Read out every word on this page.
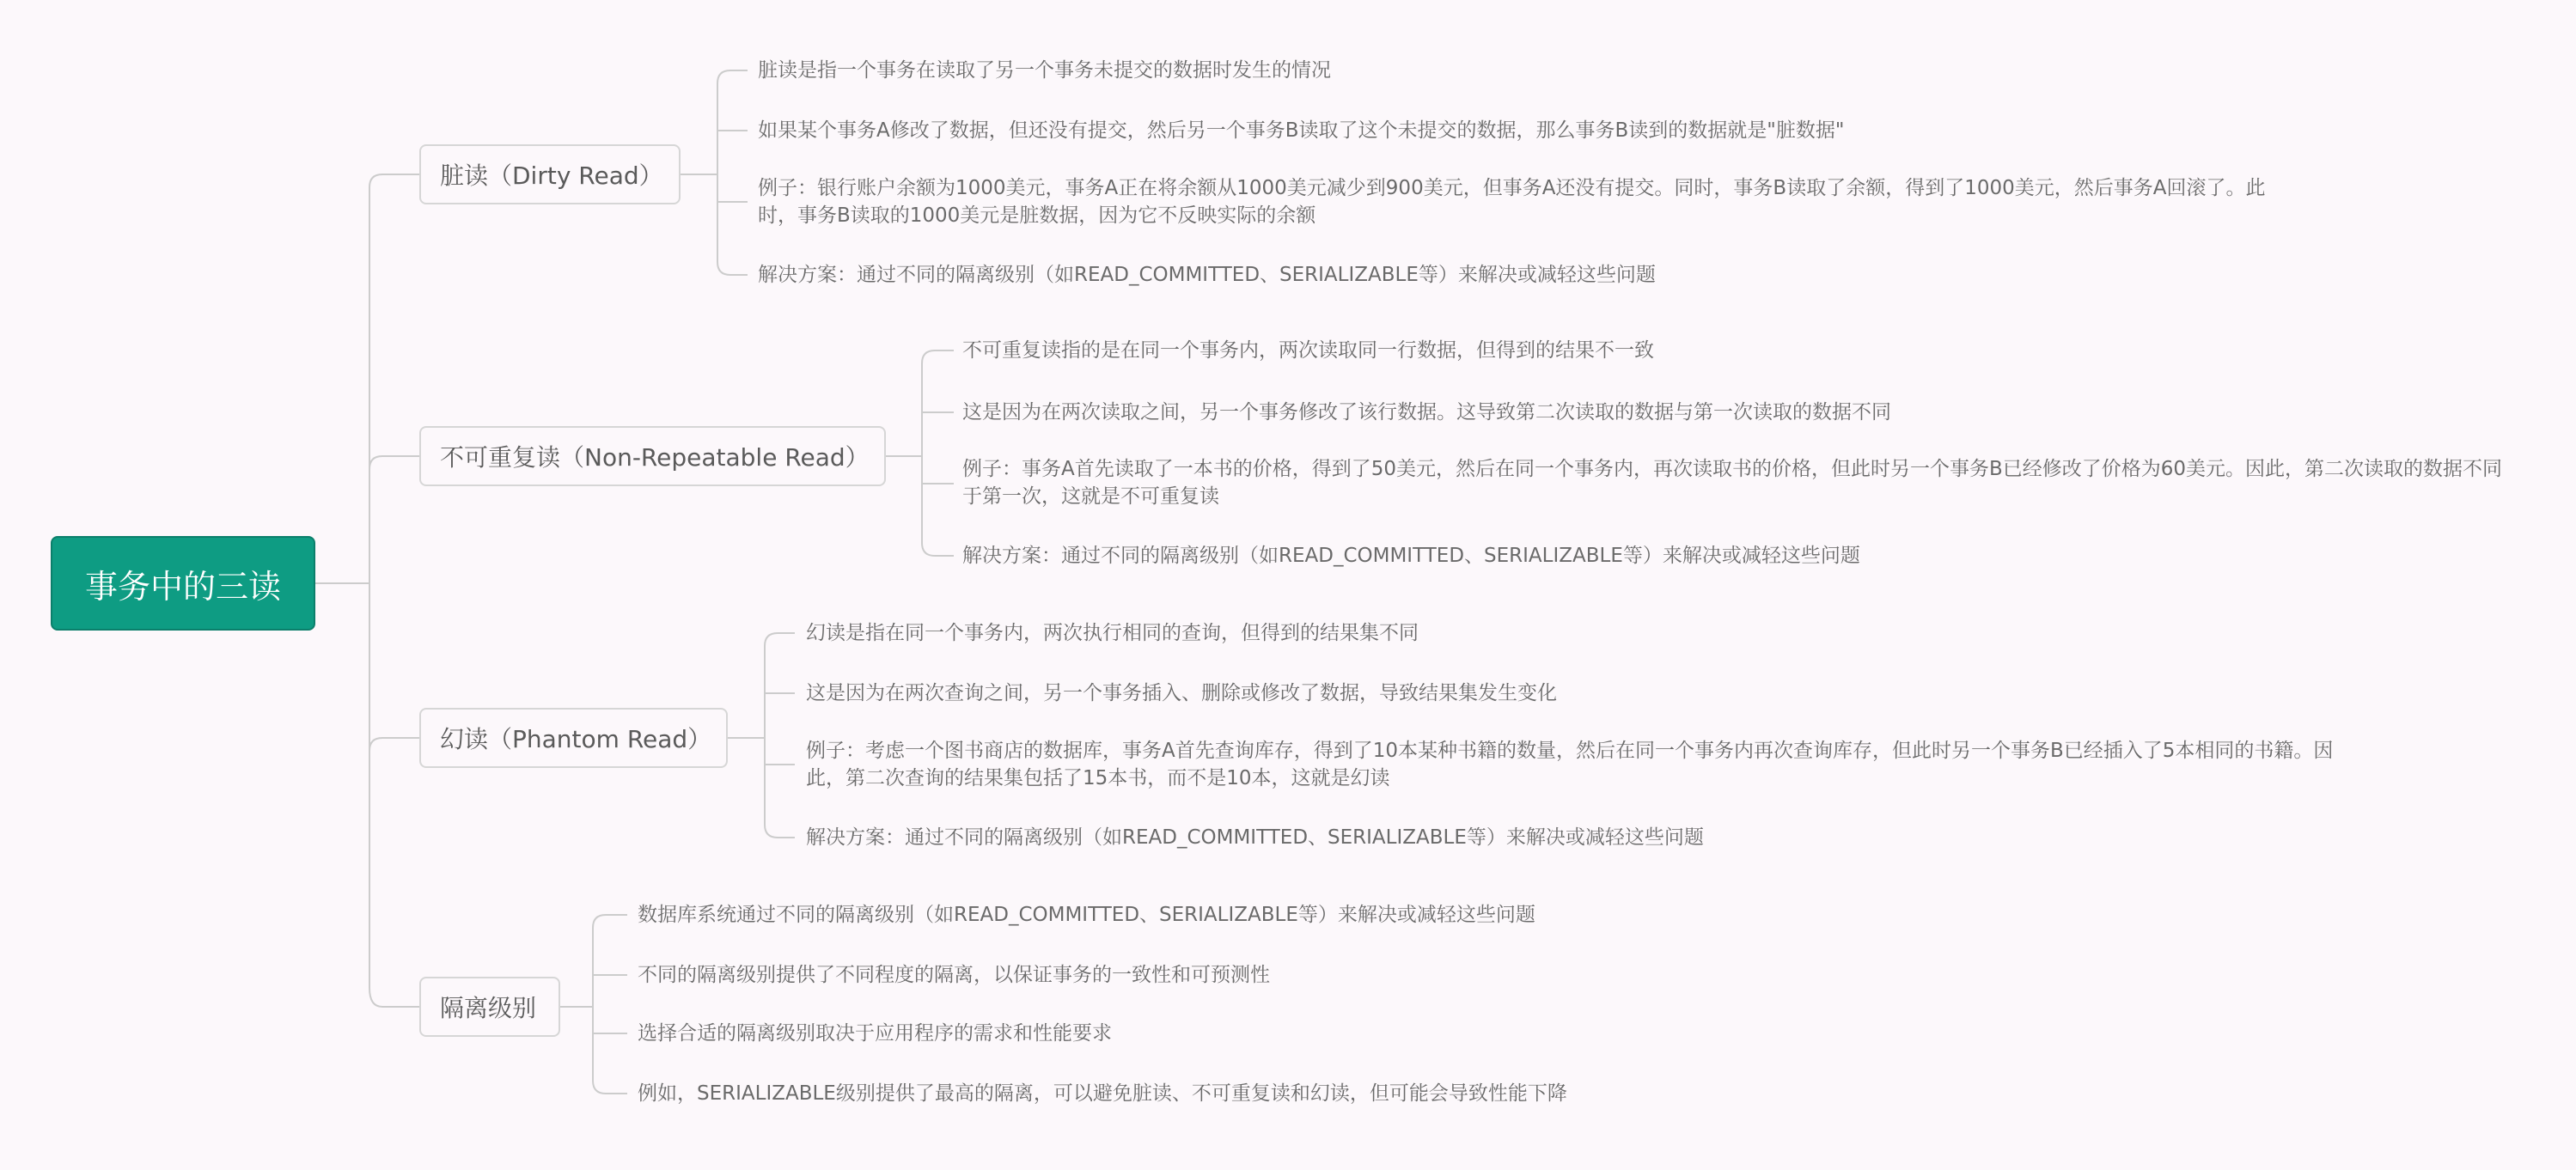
事务中的三读
脏读（Dirty Read）
脏读是指一个事务在读取了另一个事务未提交的数据时发生的情况
如果某个事务A修改了数据，但还没有提交，然后另一个事务B读取了这个未提交的数据，那么事务B读到的数据就是"脏数据"
例子：银行账户余额为1000美元，事务A正在将余额从1000美元减少到900美元，但事务A还没有提交。同时，事务B读取了余额，得到了1000美元，然后事务A回滚了。此时，事务B读取的1000美元是脏数据，因为它不反映实际的余额
解决方案：通过不同的隔离级别（如READ_COMMITTED、SERIALIZABLE等）来解决或减轻这些问题
不可重复读（Non-Repeatable Read）
不可重复读指的是在同一个事务内，两次读取同一行数据，但得到的结果不一致
这是因为在两次读取之间，另一个事务修改了该行数据。这导致第二次读取的数据与第一次读取的数据不同
例子：事务A首先读取了一本书的价格，得到了50美元，然后在同一个事务内，再次读取书的价格，但此时另一个事务B已经修改了价格为60美元。因此，第二次读取的数据不同于第一次，这就是不可重复读
解决方案：通过不同的隔离级别（如READ_COMMITTED、SERIALIZABLE等）来解决或减轻这些问题
幻读（Phantom Read）
幻读是指在同一个事务内，两次执行相同的查询，但得到的结果集不同
这是因为在两次查询之间，另一个事务插入、删除或修改了数据，导致结果集发生变化
例子：考虑一个图书商店的数据库，事务A首先查询库存，得到了10本某种书籍的数量，然后在同一个事务内再次查询库存，但此时另一个事务B已经插入了5本相同的书籍。因此，第二次查询的结果集包括了15本书，而不是10本，这就是幻读
解决方案：通过不同的隔离级别（如READ_COMMITTED、SERIALIZABLE等）来解决或减轻这些问题
隔离级别
数据库系统通过不同的隔离级别（如READ_COMMITTED、SERIALIZABLE等）来解决或减轻这些问题
不同的隔离级别提供了不同程度的隔离，以保证事务的一致性和可预测性
选择合适的隔离级别取决于应用程序的需求和性能要求
例如，SERIALIZABLE级别提供了最高的隔离，可以避免脏读、不可重复读和幻读，但可能会导致性能下降
